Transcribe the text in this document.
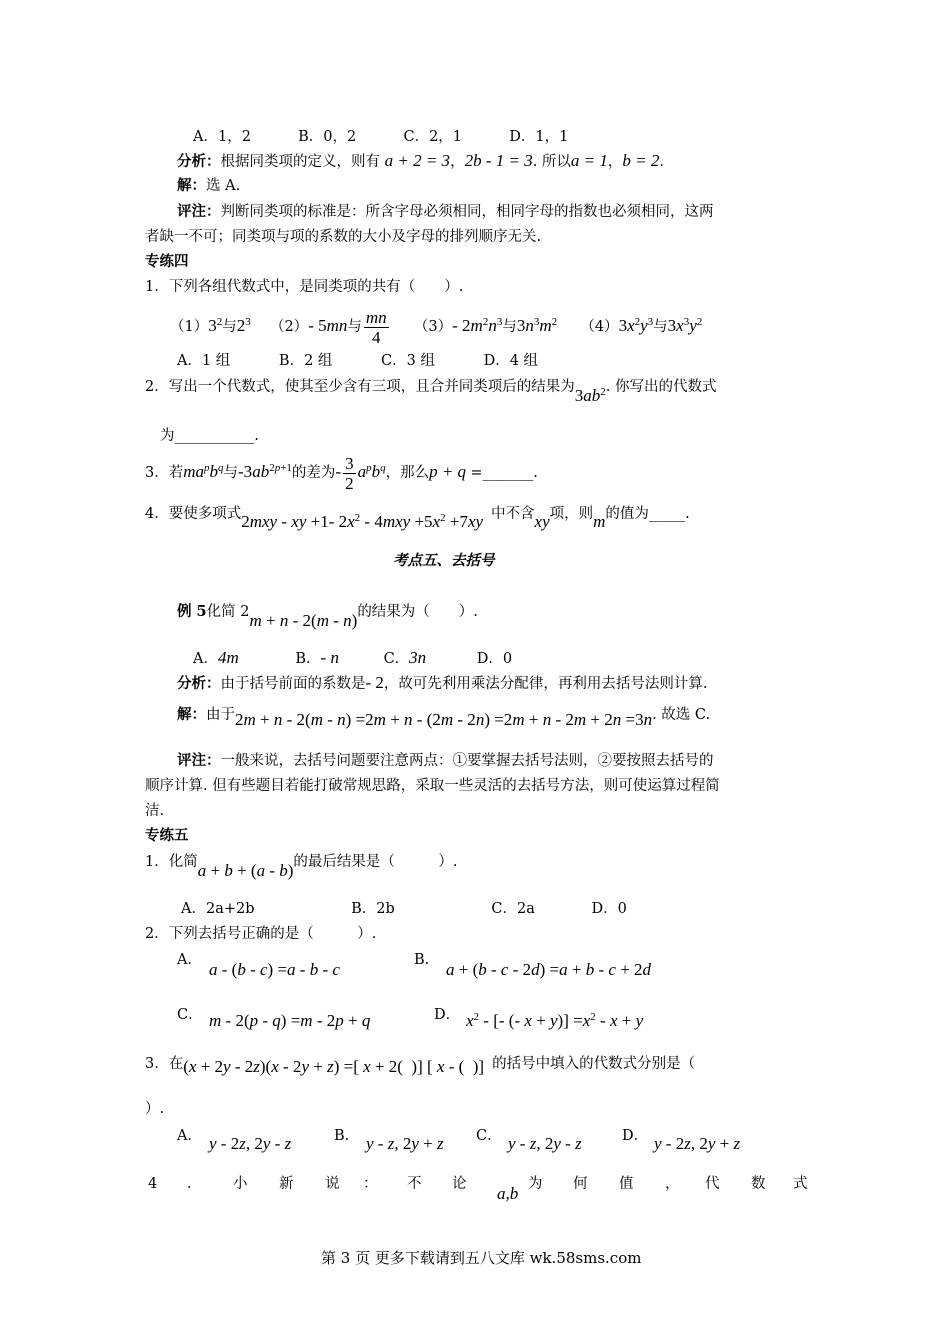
A．1，2	B．0，2	C．2，1	D．1，1
分析：根据同类项的定义，则有 a + 2 = 3，2b - 1 = 3. 所以a = 1，b = 2.
解：选 A.
评注：判断同类项的标准是：所含字母必须相同，相同字母的指数也必须相同，这两
者缺一不可；同类项与项的系数的大小及字母的排列顺序无关.
专练四
1．下列各组代数式中，是同类项的共有（　　）.
$(1)3^2$与$2^3$ （2）- 5mn与 $\frac{mn}{4} (3)-$ $2m^2n^3$与$3n^3m^2$ $(4)3x^2y^3$与$3x^3y^2$
A．1 组	B．2 组	C．3 组	D．4 组
2．写出一个代数式，使其至少含有三项，且合并同类项后的结果为$3ab^2$. 你写出的代数式
为___________.
3．若$ma^pb^q$与$-3ab^{2p+1}$的差为- $\frac{3}{2} a^pb^q$，那么p + q =_______.
4．要使多项式2mxy - xy +1- $2x^2 - 4mxy +5x^2 +7xy$ 中不含xy项，则m的值为_____.
考点五、去括号
例 5化简 2m + n - 2(m - n)的结果为（　　）.
A．4m	B．- n	C．3n	D．0
分析：由于括号前面的系数是- 2，故可先利用乘法分配律，再利用去括号法则计算.
解：由于2m + n - 2(m - n) =2m + n - (2m - 2n) =2m + n - 2m + 2n =3n. 故选 C.
评注：一般来说，去括号问题要注意两点：①要掌握去括号法则，②要按照去括号的
顺序计算. 但有些题目若能打破常规思路，采取一些灵活的去括号方法，则可使运算过程简
洁.
专练五
1．化简a + b + (a - b)的最后结果是（　　　）.
A．2a+2b	B．2b	C．2a	D．0
2．下列去括号正确的是（　　　）.
A． a - (b - c) =a - b - c	B． a + (b - c - 2d) =a + b - c + 2d
C． m - 2(p - q) =m - 2p + q	D． $x^2$ - [- (- $x + y)] =x^2 - x + y$
3．在(x + 2y - 2z)(x - 2y + z) =[ x + 2(  )] [ x - (  )] 的括号中填入的代数式分别是（
）.
A． y - 2z, 2y - z	B． y - z, 2y + z C． y - z, 2y - z	D． y - 2z, 2y + z
4 ． 小 新 说 ： 不 论 a,b 为 何 值 ， 代 数 式
第 3 页 更多下载请到五八文库 wk.58sms.com
